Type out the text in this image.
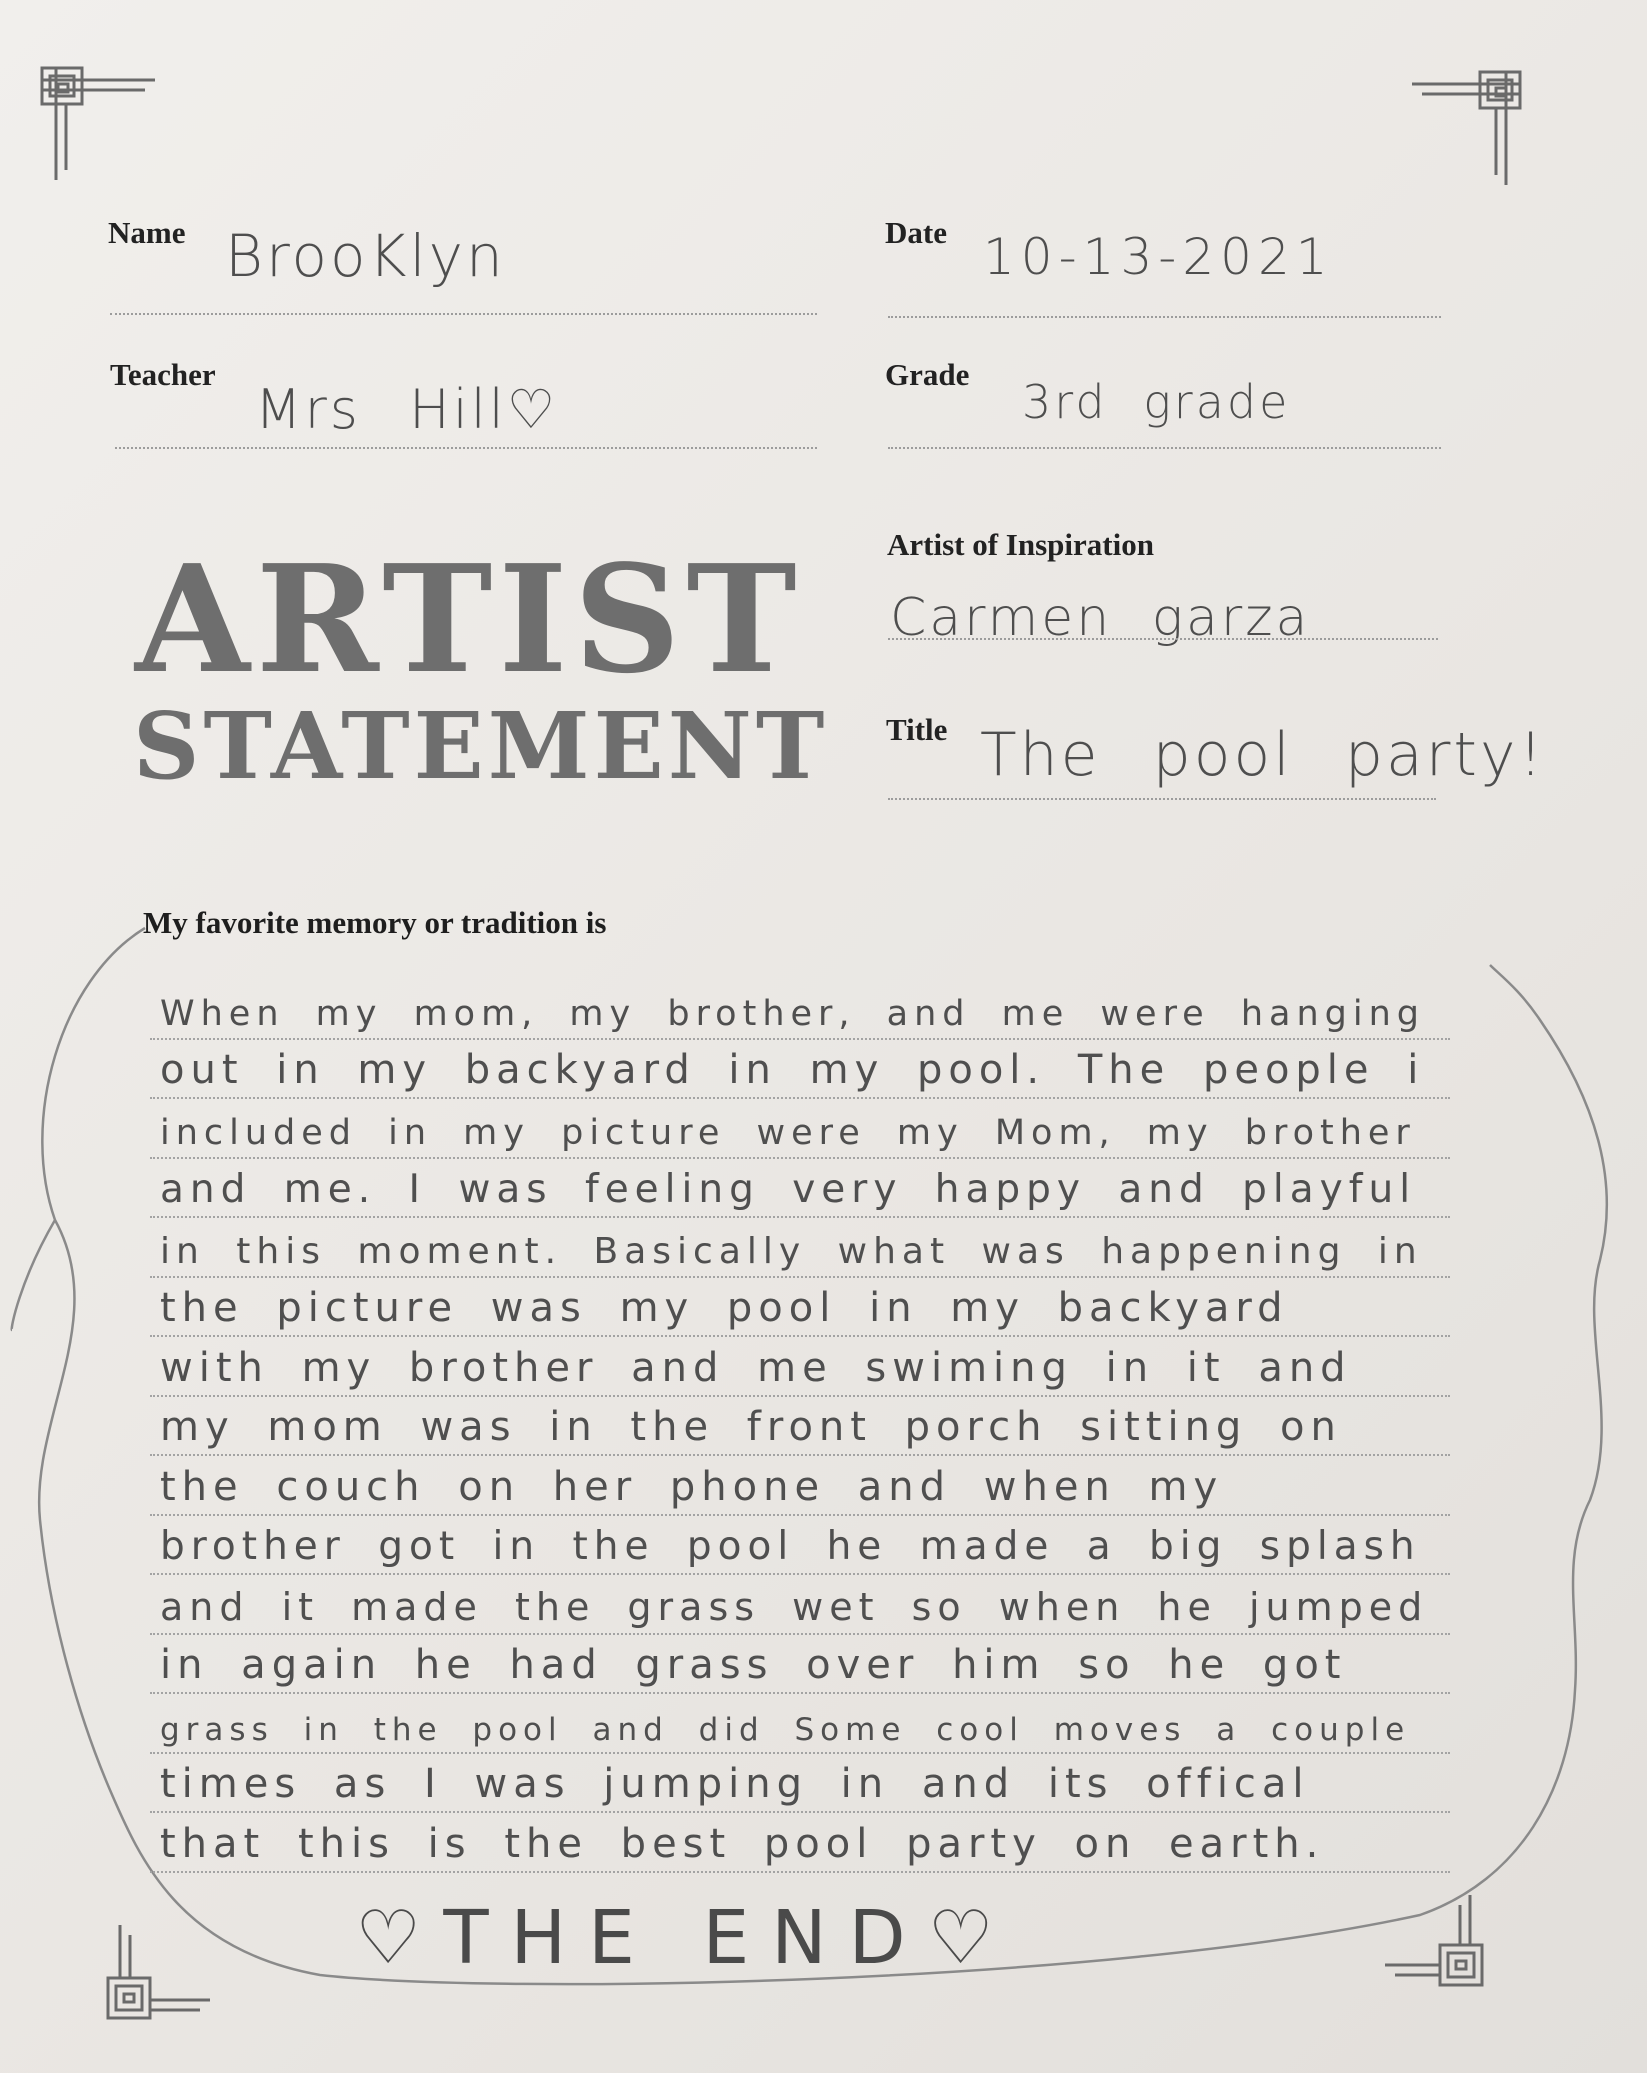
Name BrooKlyn	Date 10-13-2021
Teacher
Mrs Hill♡
Grade
3rd grade
ARTIST
STATEMENT
Artist of Inspiration
Carmen garza
Title The pool party!
My favorite memory or tradition is
When my mom, my brother, and me were hanging
out in my backyard in my pool. The people i
included in my picture were my Mom, my brother
and me. I was feeling very happy and playful
in this moment. Basically what was happening in
the picture was my pool in my backyard
with my brother and me swiming in it and
my mom was in the front porch sitting on
the couch on her phone and when my
brother got in the pool he made a big splash
and it made the grass wet so when he jumped
in again he had grass over him so he got
grass in the pool and did Some cool moves a couple
times as I was jumping in and its offical
that this is the best pool party on earth.
♡THE END♡
